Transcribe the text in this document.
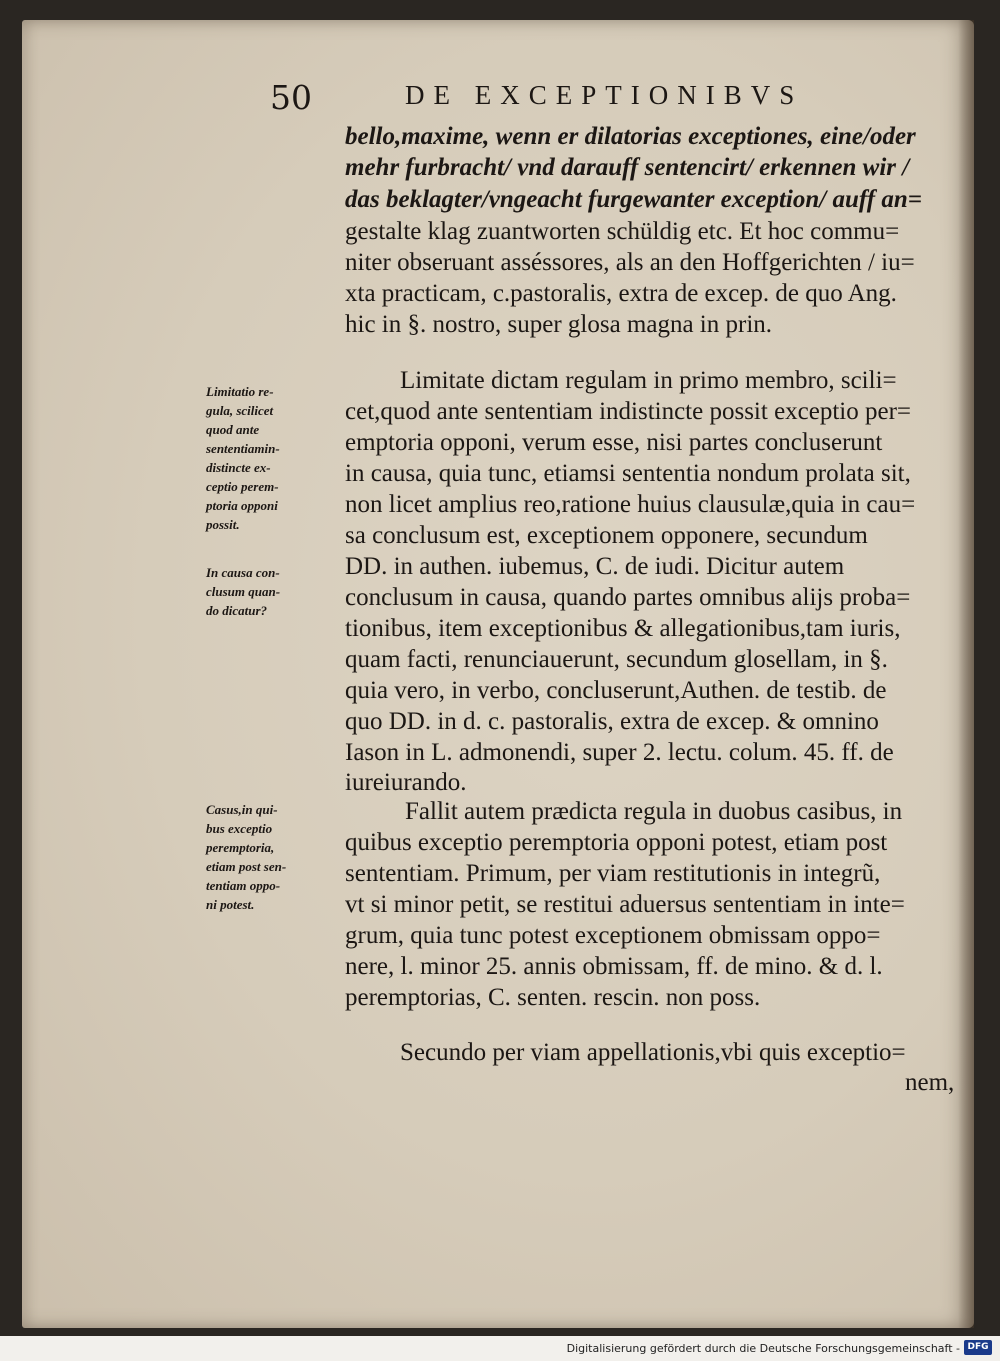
50	DE EXCEPTIONIBVS
bello,maxime, wenn er dilatorias exceptiones, eine/oder
mehr furbracht/ vnd darauff sentencirt/ erkennen wir /
das beklagter/vngeacht furgewanter exception/ auff an=
gestalte klag zuantworten schüldig etc. Et hoc commu=
niter obseruant asséssores, als an den Hoffgerichten / iu=
xta practicam, c.pastoralis, extra de excep. de quo Ang.
hic in §. nostro, super glosa magna in prin.
Limitate dictam regulam in primo membro, scili=
cet,quod ante sententiam indistincte possit exceptio per=
emptoria opponi, verum esse, nisi partes concluserunt
in causa, quia tunc, etiamsi sententia nondum prolata sit,
non licet amplius reo,ratione huius clausulæ,quia in cau=
sa conclusum est, exceptionem opponere, secundum
DD. in authen. iubemus, C. de iudi. Dicitur autem
conclusum in causa, quando partes omnibus alijs proba=
tionibus, item exceptionibus & allegationibus,tam iuris,
quam facti, renunciauerunt, secundum glosellam, in §.
quia vero, in verbo, concluserunt,Authen. de testib. de
quo DD. in d. c. pastoralis, extra de excep. & omnino
Iason in L. admonendi, super 2. lectu. colum. 45. ff. de
iureiurando.
Fallit autem prædicta regula in duobus casibus, in
quibus exceptio peremptoria opponi potest, etiam post
sententiam. Primum, per viam restitutionis in integrũ,
vt si minor petit, se restitui aduersus sententiam in inte=
grum, quia tunc potest exceptionem obmissam oppo=
nere, l. minor 25. annis obmissam, ff. de mino. & d. l.
peremptorias, C. senten. rescin. non poss.
Secundo per viam appellationis,vbi quis exceptio=
nem,
Limitatio re-
gula, scilicet
quod ante
sententiamin-
distincte ex-
ceptio perem-
ptoria opponi
possit.
In causa con-
clusum quan-
do dicatur?
Casus,in qui-
bus exceptio
peremptoria,
etiam post sen-
tentiam oppo-
ni potest.
Digitalisierung gefördert durch die Deutsche Forschungsgemeinschaft - DFG
